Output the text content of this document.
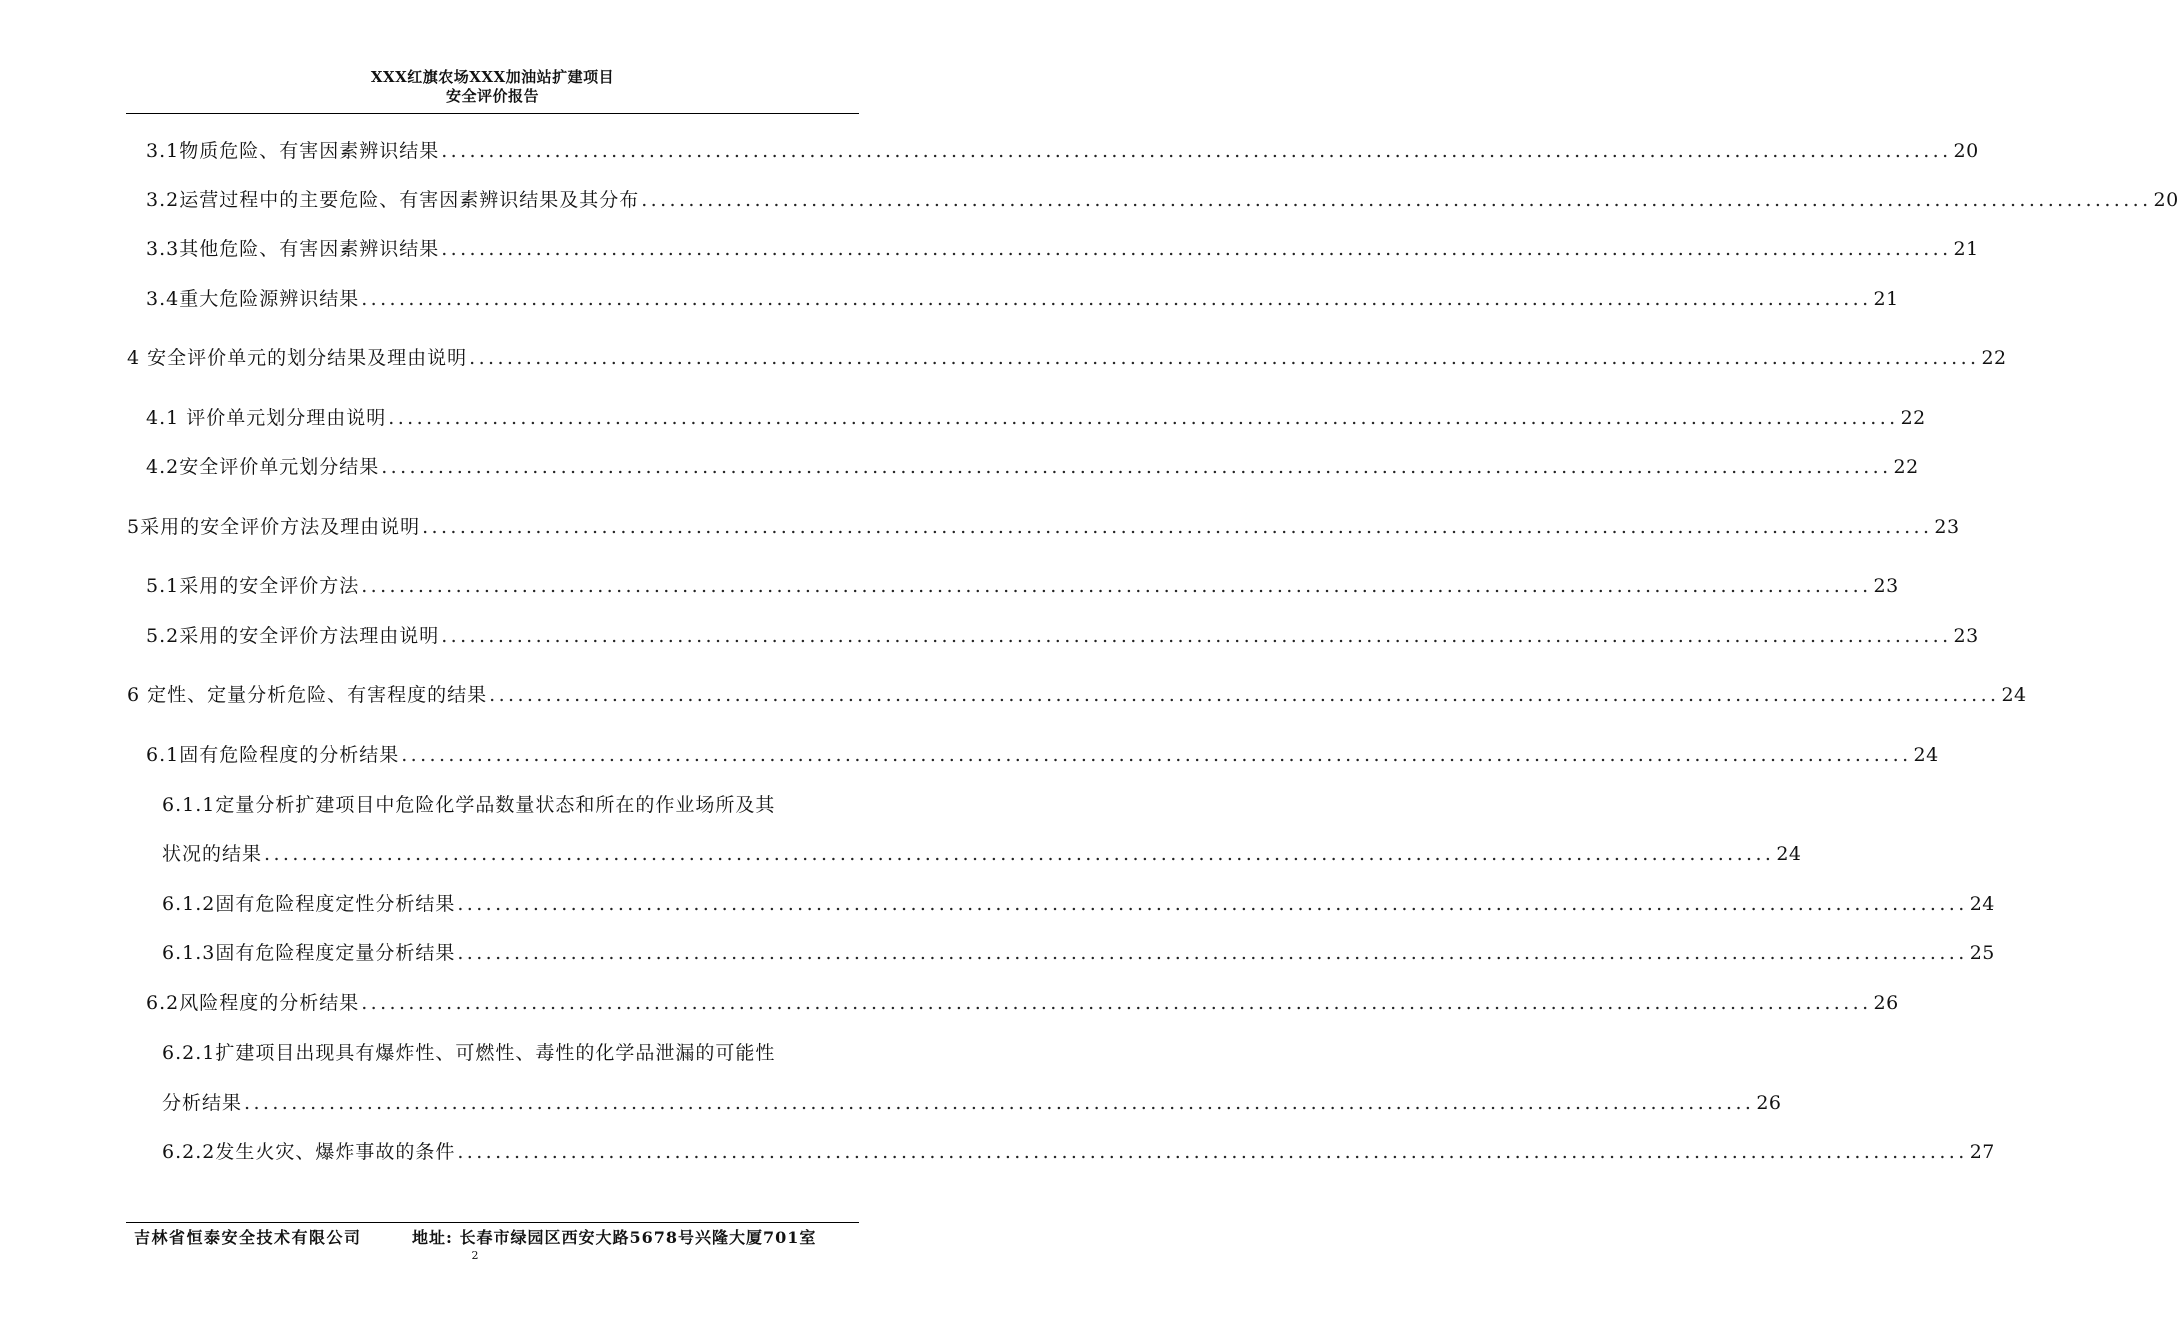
XXX红旗农场XXX加油站扩建项目
安全评价报告
3.1物质危险、有害因素辨识结果 ................................................................................................................................................................ 20
3.2运营过程中的主要危险、有害因素辨识结果及其分布 ................................................................................................................................................................ 20
3.3其他危险、有害因素辨识结果 ................................................................................................................................................................ 21
3.4重大危险源辨识结果 ................................................................................................................................................................ 21
4 安全评价单元的划分结果及理由说明 ................................................................................................................................................................ 22
4.1 评价单元划分理由说明 ................................................................................................................................................................ 22
4.2安全评价单元划分结果 ................................................................................................................................................................ 22
5采用的安全评价方法及理由说明 ................................................................................................................................................................ 23
5.1采用的安全评价方法 ................................................................................................................................................................ 23
5.2采用的安全评价方法理由说明 ................................................................................................................................................................ 23
6 定性、定量分析危险、有害程度的结果 ................................................................................................................................................................ 24
6.1固有危险程度的分析结果 ................................................................................................................................................................ 24
6.1.1定量分析扩建项目中危险化学品数量状态和所在的作业场所及其
状况的结果 ................................................................................................................................................................ 24
6.1.2固有危险程度定性分析结果 ................................................................................................................................................................ 24
6.1.3固有危险程度定量分析结果 ................................................................................................................................................................ 25
6.2风险程度的分析结果 ................................................................................................................................................................ 26
6.2.1扩建项目出现具有爆炸性、可燃性、毒性的化学品泄漏的可能性
分析结果 ................................................................................................................................................................ 26
6.2.2发生火灾、爆炸事故的条件 ................................................................................................................................................................ 27
吉林省恒泰安全技术有限公司	地址: 长春市绿园区西安大路5678号兴隆大厦701室
2
